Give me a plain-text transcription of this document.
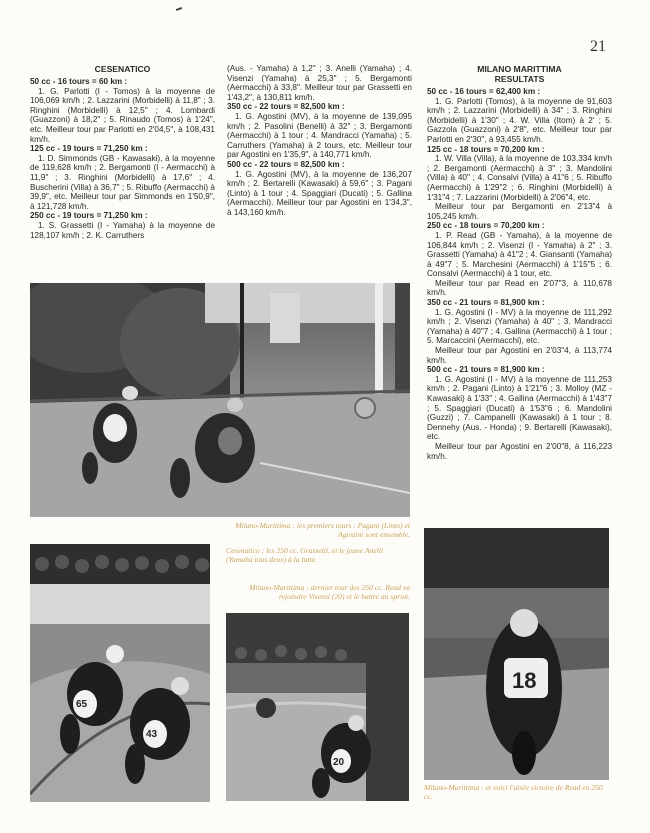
21

CESENATICO

50 cc - 16 tours = 60 km :

1. G. Parlotti (I - Tomos) à la moyenne de 106,069 km/h ; 2. Lazzarini (Morbidelli) à 11,8" ; 3. Ringhini (Morbidelli) à 12,5" ; 4. Lombardi (Guazzoni) à 18,2" ; 5. Rinaudo (Tomos) à 1'24", etc. Meilleur tour par Parlotti en 2'04,5", à 108,431 km/h.

125 cc - 19 tours = 71,250 km :

1. D. Simmonds (GB - Kawasaki), à la moyenne de 119,628 km/h ; 2. Bergamonti (I - Aermacchi) à 11,9" ; 3. Ringhini (Morbidelli) à 17,6" ; 4. Buscherini (Villa) à 36,7" ; 5. Ribuffo (Aermacchi) à 39,9", etc. Meilleur tour par Simmonds en 1'50,9", à 121,728 km/h.

250 cc - 19 tours = 71,250 km :

1. S. Grassetti (I - Yamaha) à la moyenne de 128,107 km/h ; 2. K. Carruthers

(Aus. - Yamaha) à 1,2" ; 3. Anelli (Yamaha) ; 4. Visenzi (Yamaha) à 25,3" ; 5. Bergamonti (Aermacchi) à 33,8". Meilleur tour par Grassetti en 1'43,2", à 130,811 km/h.

350 cc - 22 tours = 82,500 km :

1. G. Agostini (MV), à la moyenne de 139,095 km/h ; 2. Pasolini (Benelli) à 32" ; 3. Bergamonti (Aermacchi) à 1 tour ; 4. Mandracci (Yamaha) ; 5. Carruthers (Yamaha) à 2 tours, etc. Meilleur tour par Agostini en 1'35,9", à 140,771 km/h.

500 cc - 22 tours = 82,500 km :

1. G. Agostini (MV), à la moyenne de 136,207 km/h ; 2. Bertarelli (Kawasaki) à 59,6" ; 3. Pagani (Linto) à 1 tour ; 4. Spaggiari (Ducati) ; 5. Gallina (Aermacchi). Meilleur tour par Agostini en 1'34,3", à 143,160 km/h.

MILANO MARITTIMA

RESULTATS

50 cc - 16 tours = 62,400 km :

1. G. Parlotti (Tomos), à la moyenne de 91,603 km/h ; 2. Lazzarini (Morbidelli) à 34" ; 3. Ringhini (Morbidelli) à 1'30" ; 4. W. Villa (Itom) à 2' ; 5. Gazzola (Guazzoni) à 2'8", etc. Meilleur tour par Parlotti en 2'30", à 93,455 km/h.

125 cc - 18 tours = 70,200 km :

1. W. Villa (Villa), à la moyenne de 103,334 km/h ; 2. Bergamonti (Aermacchi) à 3" ; 3. Mandolini (Villa) à 40" ; 4. Consalvi (Villa) à 41"6 ; 5. Ribuffo (Aermacchi) à 1'29"2 ; 6. Ringhini (Morbidelli) à 1'31"4 ; 7. Lazzarini (Morbidelli) à 2'06"4, etc.

Meilleur tour par Bergamonti en 2'13"4 à 105,245 km/h.

250 cc - 18 tours = 70,200 km :

1. P. Read (GB - Yamaha), à la moyenne de 106,844 km/h ; 2. Visenzi (I - Yamaha) à 2" ; 3. Grassetti (Yamaha) à 41"2 ; 4. Giansanti (Yamaha) à 49"7 ; 5. Marchesini (Aermacchi) à 1'15"5 ; 6. Consalvi (Aermacchi) à 1 tour, etc.

Meilleur tour par Read en 2'07"3, à 110,678 km/h.

350 cc - 21 tours = 81,900 km :

1. G. Agostini (I - MV) à la moyenne de 111,292 km/h ; 2. Visenzi (Yamaha) à 40" ; 3. Mandracci (Yamaha) à 40"7 ; 4. Gallina (Aermacchi) à 1 tour ; 5. Marcaccini (Aermacchi), etc.

Meilleur tour par Agostini en 2'03"4, à 113,774 km/h.

500 cc - 21 tours = 81,900 km :

1. G. Agostini (I - MV) à la moyenne de 111,253 km/h ; 2. Pagani (Linto) à 1'21"6 ; 3. Molloy (MZ - Kawasaki) à 1'33" ; 4. Gallina (Aermacchi) à 1'43"7 ; 5. Spaggiari (Ducati) à 1'53"6 ; 6. Mandolini (Guzzi) ; 7. Campanelli (Kawasaki) à 1 tour ; 8. Dennehy (Aus. - Honda) ; 9. Bertarelli (Kawasaki), etc.

Meilleur tour par Agostini en 2'00"8, à 116,223 km/h.

65
43
20
18
Milano-Marittima : les premiers tours : Pagani (Linto) et Agostini sont ensemble.
Cesenatico : les 250 cc. Grassetti, et le jeune Anelli (Yamaha tous deux) à la lutte.
Milano-Marittima : dernier tour des 250 cc. Read va rejoindre Visenzi (20) et le battre au sprint.
Milano-Marittima : et voici l'aisée victoire de Read en 250 cc.
